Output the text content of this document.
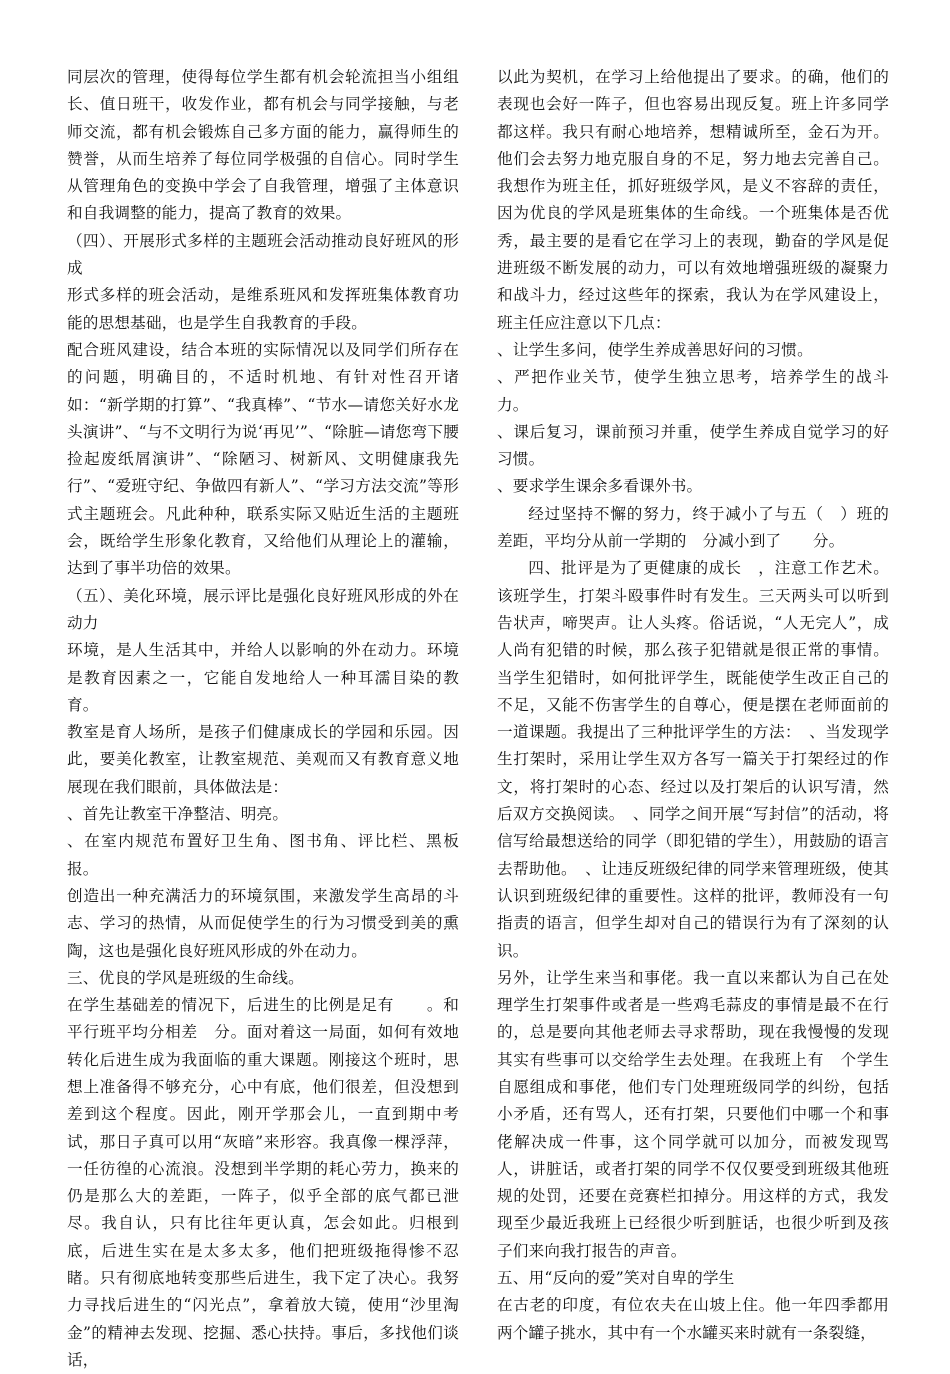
同层次的管理，使得每位学生都有机会轮流担当小组组长、值日班干，收发作业，都有机会与同学接触，与老师交流，都有机会锻炼自己多方面的能力，赢得师生的赞誉，从而生培养了每位同学极强的自信心。同时学生从管理角色的变换中学会了自我管理，增强了主体意识和自我调整的能力，提高了教育的效果。

（四）、开展形式多样的主题班会活动推动良好班风的形成

形式多样的班会活动，是维系班风和发挥班集体教育功能的思想基础，也是学生自我教育的手段。

配合班风建设，结合本班的实际情况以及同学们所存在的问题，明确目的，不适时机地、有针对性召开诸如：“新学期的打算”、“我真棒”、“节水—请您关好水龙头演讲”、“与不文明行为说‘再见’”、“除脏—请您弯下腰捡起废纸屑演讲”、“除陋习、树新风、文明健康我先行”、“爱班守纪、争做四有新人”、“学习方法交流”等形式主题班会。凡此种种，联系实际又贴近生活的主题班会，既给学生形象化教育，又给他们从理论上的灌输，达到了事半功倍的效果。

（五）、美化环境，展示评比是强化良好班风形成的外在动力

环境，是人生活其中，并给人以影响的外在动力。环境是教育因素之一，它能自发地给人一种耳濡目染的教育。

教室是育人场所，是孩子们健康成长的学园和乐园。因此，要美化教室，让教室规范、美观而又有教育意义地展现在我们眼前，具体做法是：

、首先让教室干净整洁、明亮。

、在室内规范布置好卫生角、图书角、评比栏、黑板报。

创造出一种充满活力的环境氛围，来激发学生高昂的斗志、学习的热情，从而促使学生的行为习惯受到美的熏陶，这也是强化良好班风形成的外在动力。

三、优良的学风是班级的生命线。

在学生基础差的情况下，后进生的比例是足有　　。和平行班平均分相差　分。面对着这一局面，如何有效地转化后进生成为我面临的重大课题。刚接这个班时，思想上准备得不够充分，心中有底，他们很差，但没想到差到这个程度。因此，刚开学那会儿，一直到期中考试，那日子真可以用“灰暗”来形容。我真像一棵浮萍，一任彷徨的心流浪。没想到半学期的耗心劳力，换来的仍是那么大的差距，一阵子，似乎全部的底气都已泄尽。我自认，只有比往年更认真，怎会如此。归根到底，后进生实在是太多太多，他们把班级拖得惨不忍睹。只有彻底地转变那些后进生，我下定了决心。我努力寻找后进生的“闪光点”，拿着放大镜，使用“沙里淘金”的精神去发现、挖掘、悉心扶持。事后，多找他们谈话，

以此为契机，在学习上给他提出了要求。的确，他们的表现也会好一阵子，但也容易出现反复。班上许多同学都这样。我只有耐心地培养，想精诚所至，金石为开。他们会去努力地克服自身的不足，努力地去完善自己。我想作为班主任，抓好班级学风，是义不容辞的责任，因为优良的学风是班集体的生命线。一个班集体是否优秀，最主要的是看它在学习上的表现，勤奋的学风是促进班级不断发展的动力，可以有效地增强班级的凝聚力和战斗力，经过这些年的探索，我认为在学风建设上，班主任应注意以下几点：

、让学生多问，使学生养成善思好问的习惯。

、严把作业关节，使学生独立思考，培养学生的战斗力。

、课后复习，课前预习并重，使学生养成自觉学习的好习惯。

、要求学生课余多看课外书。

经过坚持不懈的努力，终于减小了与五（　）班的差距，平均分从前一学期的　分减小到了　　分。

四、批评是为了更健康的成长　，注意工作艺术。该班学生，打架斗殴事件时有发生。三天两头可以听到告状声，啼哭声。让人头疼。俗话说，“人无完人”，成人尚有犯错的时候，那么孩子犯错就是很正常的事情。当学生犯错时，如何批评学生，既能使学生改正自己的不足，又能不伤害学生的自尊心，便是摆在老师面前的一道课题。我提出了三种批评学生的方法：　、当发现学生打架时，采用让学生双方各写一篇关于打架经过的作文，将打架时的心态、经过以及打架后的认识写清，然后双方交换阅读。　、同学之间开展“写封信”的活动，将信写给最想送给的同学（即犯错的学生），用鼓励的语言去帮助他。　、让违反班级纪律的同学来管理班级，使其认识到班级纪律的重要性。这样的批评，教师没有一句指责的语言，但学生却对自己的错误行为有了深刻的认识。

另外，让学生来当和事佬。我一直以来都认为自己在处理学生打架事件或者是一些鸡毛蒜皮的事情是最不在行的，总是要向其他老师去寻求帮助，现在我慢慢的发现其实有些事可以交给学生去处理。在我班上有　个学生自愿组成和事佬，他们专门处理班级同学的纠纷，包括小矛盾，还有骂人，还有打架，只要他们中哪一个和事佬解决成一件事，这个同学就可以加分，而被发现骂人，讲脏话，或者打架的同学不仅仅要受到班级其他班规的处罚，还要在竞赛栏扣掉分。用这样的方式，我发现至少最近我班上已经很少听到脏话，也很少听到及孩子们来向我打报告的声音。

五、用“反向的爱”笑对自卑的学生

在古老的印度，有位农夫在山坡上住。他一年四季都用两个罐子挑水，其中有一个水罐买来时就有一条裂缝，
